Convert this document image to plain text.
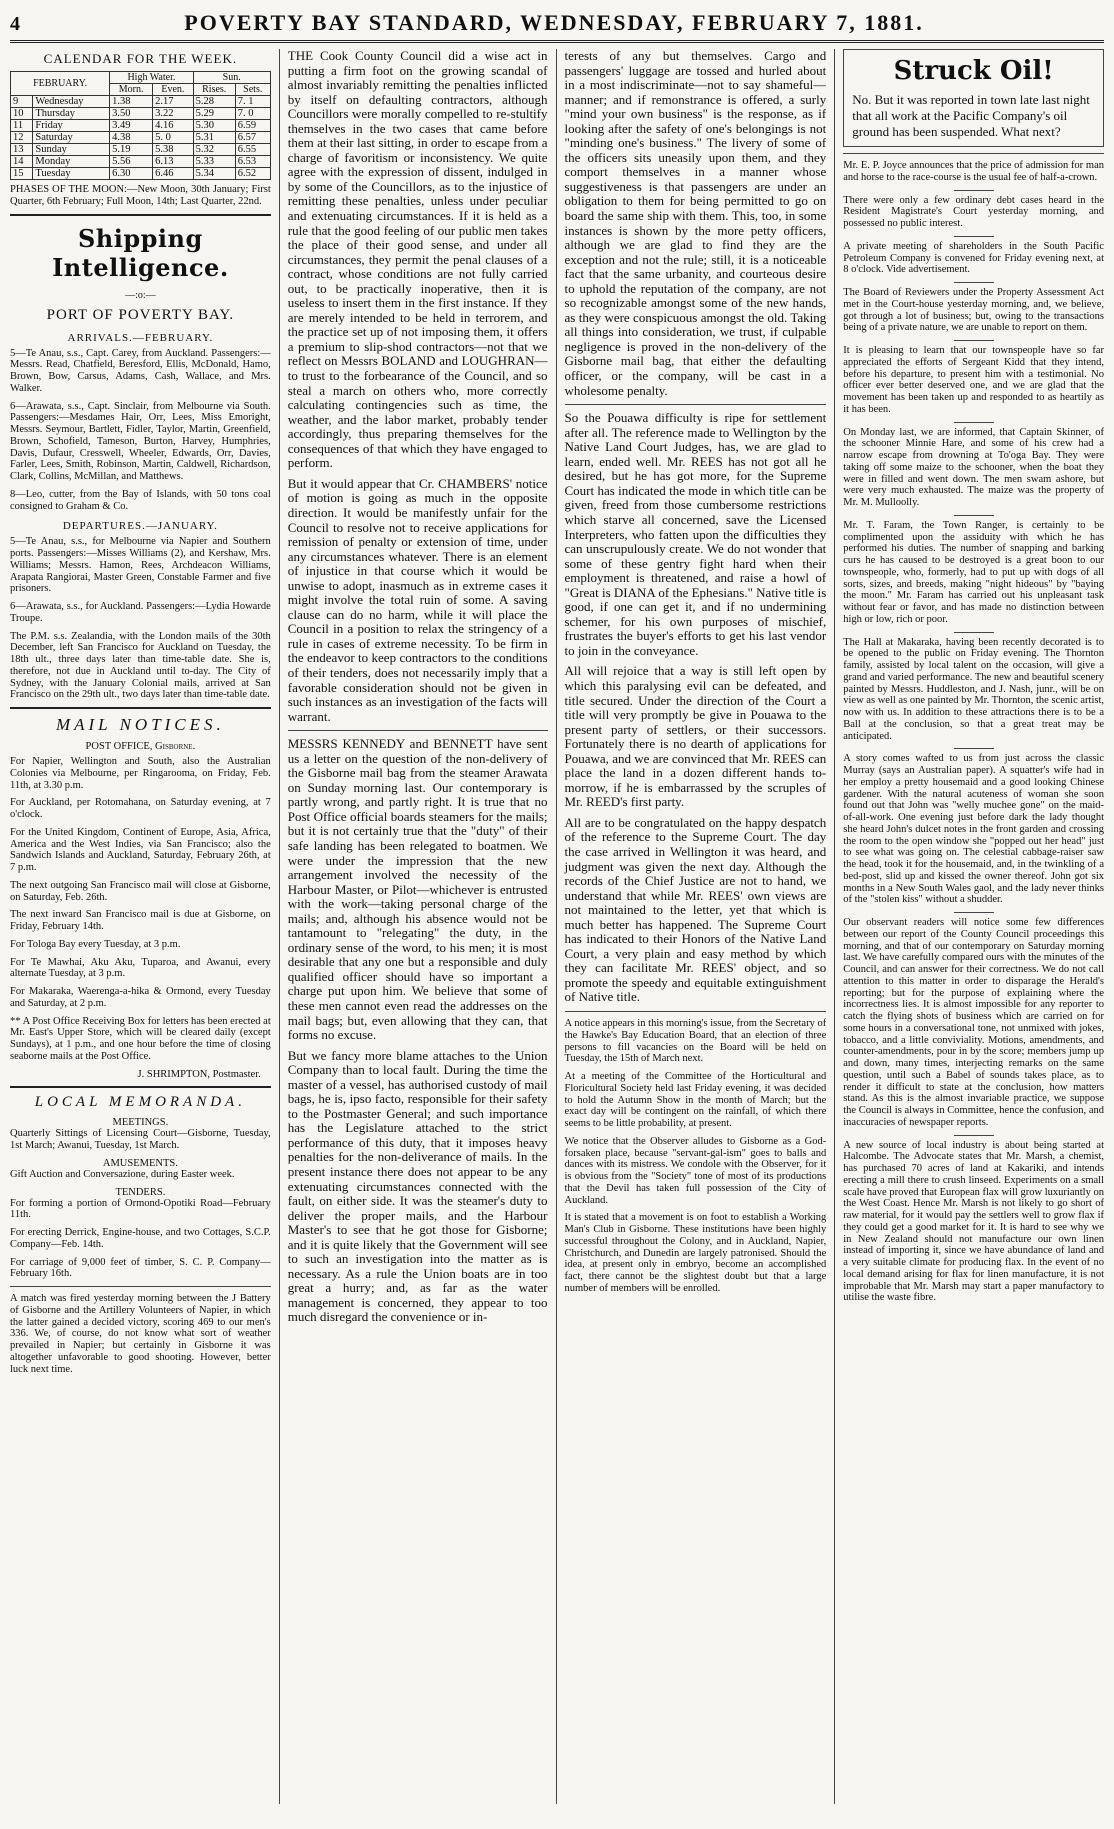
4	POVERTY BAY STANDARD, WEDNESDAY, FEBRUARY 7, 1881.
CALENDAR FOR THE WEEK.
FEBRUARY.		High Water.		Sun.	
		Morn.	Even.	Rises.	Sets.
9	Wednesday	1.38	2.17	5.28	7. 1
10	Thursday	3.50	3.22	5.29	7. 0
11	Friday	3.49	4.16	5.30	6.59
12	Saturday	4.38	5. 0	5.31	6.57
13	Sunday	5.19	5.38	5.32	6.55
14	Monday	5.56	6.13	5.33	6.53
15	Tuesday	6.30	6.46	5.34	6.52

PHASES OF THE MOON:—New Moon, 30th January; First Quarter, 6th February; Full Moon, 14th; Last Quarter, 22nd.

Shipping Intelligence.
—:o:—
PORT OF POVERTY BAY.
ARRIVALS.—FEBRUARY.

5—Te Anau, s.s., Capt. Carey, from Auckland. Passengers:—Messrs. Read, Chatfield, Beresford, Ellis, McDonald, Hamo, Brown, Bow, Carsus, Adams, Cash, Wallace, and Mrs. Walker.

6—Arawata, s.s., Capt. Sinclair, from Melbourne via South. Passengers:—Mesdames Hair, Orr, Lees, Miss Emoright, Messrs. Seymour, Bartlett, Fidler, Taylor, Martin, Greenfield, Brown, Schofield, Tameson, Burton, Harvey, Humphries, Davis, Dufaur, Cresswell, Wheeler, Edwards, Orr, Davies, Farler, Lees, Smith, Robinson, Martin, Caldwell, Richardson, Clark, Collins, McMillan, and Matthews.

8—Leo, cutter, from the Bay of Islands, with 50 tons coal consigned to Graham & Co.

DEPARTURES.—JANUARY.

5—Te Anau, s.s., for Melbourne via Napier and Southern ports. Passengers:—Misses Williams (2), and Kershaw, Mrs. Williams; Messrs. Hamon, Rees, Archdeacon Williams, Arapata Rangiorai, Master Green, Constable Farmer and five prisoners.

6—Arawata, s.s., for Auckland. Passengers:—Lydia Howarde Troupe.

The P.M. s.s. Zealandia, with the London mails of the 30th December, left San Francisco for Auckland on Tuesday, the 18th ult., three days later than time-table date. She is, therefore, not due in Auckland until to-day. The City of Sydney, with the January Colonial mails, arrived at San Francisco on the 29th ult., two days later than time-table date.

MAIL NOTICES.
POST OFFICE, Gisborne.

For Napier, Wellington and South, also the Australian Colonies via Melbourne, per Ringarooma, on Friday, Feb. 11th, at 3.30 p.m.

For Auckland, per Rotomahana, on Saturday evening, at 7 o'clock.

For the United Kingdom, Continent of Europe, Asia, Africa, America and the West Indies, via San Francisco; also the Sandwich Islands and Auckland, Saturday, February 26th, at 7 p.m.

The next outgoing San Francisco mail will close at Gisborne, on Saturday, Feb. 26th.

The next inward San Francisco mail is due at Gisborne, on Friday, February 14th.

For Tologa Bay every Tuesday, at 3 p.m.

For Te Mawhai, Aku Aku, Tuparoa, and Awanui, every alternate Tuesday, at 3 p.m.

For Makaraka, Waerenga-a-hika & Ormond, every Tuesday and Saturday, at 2 p.m.

** A Post Office Receiving Box for letters has been erected at Mr. East's Upper Store, which will be cleared daily (except Sundays), at 1 p.m., and one hour before the time of closing seaborne mails at the Post Office.

J. SHRIMPTON, Postmaster.

LOCAL MEMORANDA.
MEETINGS.

Quarterly Sittings of Licensing Court—Gisborne, Tuesday, 1st March; Awanui, Tuesday, 1st March.

AMUSEMENTS.

Gift Auction and Conversazione, during Easter week.

TENDERS.

For forming a portion of Ormond-Opotiki Road—February 11th.

For erecting Derrick, Engine-house, and two Cottages, S.C.P. Company—Feb. 14th.

For carriage of 9,000 feet of timber, S. C. P. Company—February 16th.

A match was fired yesterday morning between the J Battery of Gisborne and the Artillery Volunteers of Napier, in which the latter gained a decided victory, scoring 469 to our men's 336. We, of course, do not know what sort of weather prevailed in Napier; but certainly in Gisborne it was altogether unfavorable to good shooting. However, better luck next time.

THE Cook County Council did a wise act in putting a firm foot on the growing scandal of almost invariably remitting the penalties inflicted by itself on defaulting contractors, although Councillors were morally compelled to re-stultify themselves in the two cases that came before them at their last sitting, in order to escape from a charge of favoritism or inconsistency. We quite agree with the expression of dissent, indulged in by some of the Councillors, as to the injustice of remitting these penalties, unless under peculiar and extenuating circumstances. If it is held as a rule that the good feeling of our public men takes the place of their good sense, and under all circumstances, they permit the penal clauses of a contract, whose conditions are not fully carried out, to be practically inoperative, then it is useless to insert them in the first instance. If they are merely intended to be held in terrorem, and the practice set up of not imposing them, it offers a premium to slip-shod contractors—not that we reflect on Messrs BOLAND and LOUGHRAN—to trust to the forbearance of the Council, and so steal a march on others who, more correctly calculating contingencies such as time, the weather, and the labor market, probably tender accordingly, thus preparing themselves for the consequences of that which they have engaged to perform.

But it would appear that Cr. CHAMBERS' notice of motion is going as much in the opposite direction. It would be manifestly unfair for the Council to resolve not to receive applications for remission of penalty or extension of time, under any circumstances whatever. There is an element of injustice in that course which it would be unwise to adopt, inasmuch as in extreme cases it might involve the total ruin of some. A saving clause can do no harm, while it will place the Council in a position to relax the stringency of a rule in cases of extreme necessity. To be firm in the endeavor to keep contractors to the conditions of their tenders, does not necessarily imply that a favorable consideration should not be given in such instances as an investigation of the facts will warrant.

MESSRS KENNEDY and BENNETT have sent us a letter on the question of the non-delivery of the Gisborne mail bag from the steamer Arawata on Sunday morning last. Our contemporary is partly wrong, and partly right. It is true that no Post Office official boards steamers for the mails; but it is not certainly true that the "duty" of their safe landing has been relegated to boatmen. We were under the impression that the new arrangement involved the necessity of the Harbour Master, or Pilot—whichever is entrusted with the work—taking personal charge of the mails; and, although his absence would not be tantamount to "relegating" the duty, in the ordinary sense of the word, to his men; it is most desirable that any one but a responsible and duly qualified officer should have so important a charge put upon him. We believe that some of these men cannot even read the addresses on the mail bags; but, even allowing that they can, that forms no excuse.

But we fancy more blame attaches to the Union Company than to local fault. During the time the master of a vessel, has authorised custody of mail bags, he is, ipso facto, responsible for their safety to the Postmaster General; and such importance has the Legislature attached to the strict performance of this duty, that it imposes heavy penalties for the non-deliverance of mails. In the present instance there does not appear to be any extenuating circumstances connected with the fault, on either side. It was the steamer's duty to deliver the proper mails, and the Harbour Master's to see that he got those for Gisborne; and it is quite likely that the Government will see to such an investigation into the matter as is necessary. As a rule the Union boats are in too great a hurry; and, as far as the water management is concerned, they appear to too much disregard the convenience or in-

terests of any but themselves. Cargo and passengers' luggage are tossed and hurled about in a most indiscriminate—not to say shameful—manner; and if remonstrance is offered, a surly "mind your own business" is the response, as if looking after the safety of one's belongings is not "minding one's business." The livery of some of the officers sits uneasily upon them, and they comport themselves in a manner whose suggestiveness is that passengers are under an obligation to them for being permitted to go on board the same ship with them. This, too, in some instances is shown by the more petty officers, although we are glad to find they are the exception and not the rule; still, it is a noticeable fact that the same urbanity, and courteous desire to uphold the reputation of the company, are not so recognizable amongst some of the new hands, as they were conspicuous amongst the old. Taking all things into consideration, we trust, if culpable negligence is proved in the non-delivery of the Gisborne mail bag, that either the defaulting officer, or the company, will be cast in a wholesome penalty.

So the Pouawa difficulty is ripe for settlement after all. The reference made to Wellington by the Native Land Court Judges, has, we are glad to learn, ended well. Mr. REES has not got all he desired, but he has got more, for the Supreme Court has indicated the mode in which title can be given, freed from those cumbersome restrictions which starve all concerned, save the Licensed Interpreters, who fatten upon the difficulties they can unscrupulously create. We do not wonder that some of these gentry fight hard when their employment is threatened, and raise a howl of "Great is DIANA of the Ephesians." Native title is good, if one can get it, and if no undermining schemer, for his own purposes of mischief, frustrates the buyer's efforts to get his last vendor to join in the conveyance.

All will rejoice that a way is still left open by which this paralysing evil can be defeated, and title secured. Under the direction of the Court a title will very promptly be give in Pouawa to the present party of settlers, or their successors. Fortunately there is no dearth of applications for Pouawa, and we are convinced that Mr. REES can place the land in a dozen different hands to-morrow, if he is embarrassed by the scruples of Mr. REED's first party.

All are to be congratulated on the happy despatch of the reference to the Supreme Court. The day the case arrived in Wellington it was heard, and judgment was given the next day. Although the records of the Chief Justice are not to hand, we understand that while Mr. REES' own views are not maintained to the letter, yet that which is much better has happened. The Supreme Court has indicated to their Honors of the Native Land Court, a very plain and easy method by which they can facilitate Mr. REES' object, and so promote the speedy and equitable extinguishment of Native title.

A notice appears in this morning's issue, from the Secretary of the Hawke's Bay Education Board, that an election of three persons to fill vacancies on the Board will be held on Tuesday, the 15th of March next.

At a meeting of the Committee of the Horticultural and Floricultural Society held last Friday evening, it was decided to hold the Autumn Show in the month of March; but the exact day will be contingent on the rainfall, of which there seems to be little probability, at present.

We notice that the Observer alludes to Gisborne as a God-forsaken place, because "servant-gal-ism" goes to balls and dances with its mistress. We condole with the Observer, for it is obvious from the "Society" tone of most of its productions that the Devil has taken full possession of the City of Auckland.

It is stated that a movement is on foot to establish a Working Man's Club in Gisborne. These institutions have been highly successful throughout the Colony, and in Auckland, Napier, Christchurch, and Dunedin are largely patronised. Should the idea, at present only in embryo, become an accomplished fact, there cannot be the slightest doubt but that a large number of members will be enrolled.

Struck Oil!
No. But it was reported in town late last night that all work at the Pacific Company's oil ground has been suspended. What next?

Mr. E. P. Joyce announces that the price of admission for man and horse to the race-course is the usual fee of half-a-crown.

There were only a few ordinary debt cases heard in the Resident Magistrate's Court yesterday morning, and possessed no public interest.

A private meeting of shareholders in the South Pacific Petroleum Company is convened for Friday evening next, at 8 o'clock. Vide advertisement.

The Board of Reviewers under the Property Assessment Act met in the Court-house yesterday morning, and, we believe, got through a lot of business; but, owing to the transactions being of a private nature, we are unable to report on them.

It is pleasing to learn that our townspeople have so far appreciated the efforts of Sergeant Kidd that they intend, before his departure, to present him with a testimonial. No officer ever better deserved one, and we are glad that the movement has been taken up and responded to as heartily as it has been.

On Monday last, we are informed, that Captain Skinner, of the schooner Minnie Hare, and some of his crew had a narrow escape from drowning at To'oga Bay. They were taking off some maize to the schooner, when the boat they were in filled and went down. The men swam ashore, but were very much exhausted. The maize was the property of Mr. M. Mulloolly.

Mr. T. Faram, the Town Ranger, is certainly to be complimented upon the assiduity with which he has performed his duties. The number of snapping and barking curs he has caused to be destroyed is a great boon to our townspeople, who, formerly, had to put up with dogs of all sorts, sizes, and breeds, making "night hideous" by "baying the moon." Mr. Faram has carried out his unpleasant task without fear or favor, and has made no distinction between high or low, rich or poor.

The Hall at Makaraka, having been recently decorated is to be opened to the public on Friday evening. The Thornton family, assisted by local talent on the occasion, will give a grand and varied performance. The new and beautiful scenery painted by Messrs. Huddleston, and J. Nash, junr., will be on view as well as one painted by Mr. Thornton, the scenic artist, now with us. In addition to these attractions there is to be a Ball at the conclusion, so that a great treat may be anticipated.

A story comes wafted to us from just across the classic Murray (says an Australian paper). A squatter's wife had in her employ a pretty housemaid and a good looking Chinese gardener. With the natural acuteness of woman she soon found out that John was "welly muchee gone" on the maid-of-all-work. One evening just before dark the lady thought she heard John's dulcet notes in the front garden and crossing the room to the open window she "popped out her head" just to see what was going on. The celestial cabbage-raiser saw the head, took it for the housemaid, and, in the twinkling of a bed-post, slid up and kissed the owner thereof. John got six months in a New South Wales gaol, and the lady never thinks of the "stolen kiss" without a shudder.

Our observant readers will notice some few differences between our report of the County Council proceedings this morning, and that of our contemporary on Saturday morning last. We have carefully compared ours with the minutes of the Council, and can answer for their correctness. We do not call attention to this matter in order to disparage the Herald's reporting; but for the purpose of explaining where the incorrectness lies. It is almost impossible for any reporter to catch the flying shots of business which are carried on for some hours in a conversational tone, not unmixed with jokes, tobacco, and a little conviviality. Motions, amendments, and counter-amendments, pour in by the score; members jump up and down, many times, interjecting remarks on the same question, until such a Babel of sounds takes place, as to render it difficult to state at the conclusion, how matters stand. As this is the almost invariable practice, we suppose the Council is always in Committee, hence the confusion, and inaccuracies of newspaper reports.

A new source of local industry is about being started at Halcombe. The Advocate states that Mr. Marsh, a chemist, has purchased 70 acres of land at Kakariki, and intends erecting a mill there to crush linseed. Experiments on a small scale have proved that European flax will grow luxuriantly on the West Coast. Hence Mr. Marsh is not likely to go short of raw material, for it would pay the settlers well to grow flax if they could get a good market for it. It is hard to see why we in New Zealand should not manufacture our own linen instead of importing it, since we have abundance of land and a very suitable climate for producing flax. In the event of no local demand arising for flax for linen manufacture, it is not improbable that Mr. Marsh may start a paper manufactory to utilise the waste fibre.
